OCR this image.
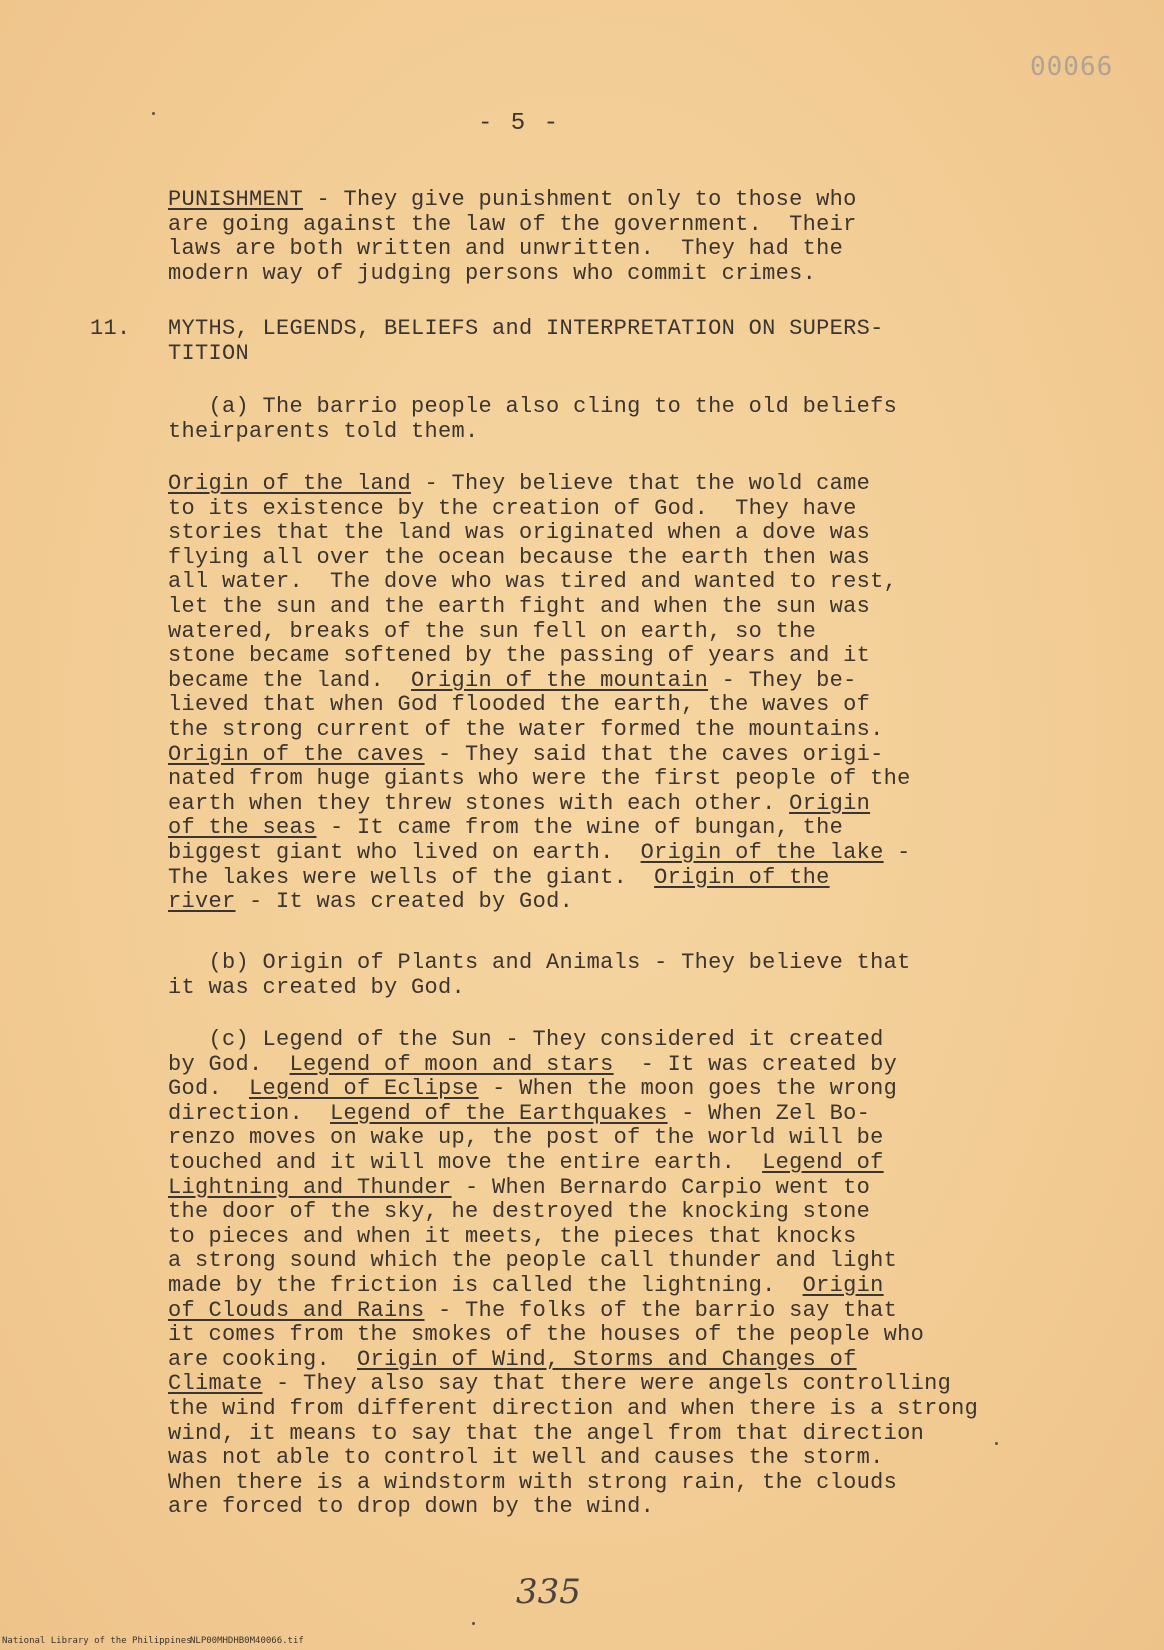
00066
- 5 -
PUNISHMENT - They give punishment only to those who
are going against the law of the government.  Their
laws are both written and unwritten.  They had the
modern way of judging persons who commit crimes.
11. MYTHS, LEGENDS, BELIEFS and INTERPRETATION ON SUPERS-
TITION
(a) The barrio people also cling to the old beliefs
theirparents told them.
Origin of the land - They believe that the wold came
to its existence by the creation of God.  They have
stories that the land was originated when a dove was
flying all over the ocean because the earth then was
all water.  The dove who was tired and wanted to rest,
let the sun and the earth fight and when the sun was
watered, breaks of the sun fell on earth, so the
stone became softened by the passing of years and it
became the land.  Origin of the mountain - They be-
lieved that when God flooded the earth, the waves of
the strong current of the water formed the mountains.
Origin of the caves - They said that the caves origi-
nated from huge giants who were the first people of the
earth when they threw stones with each other. Origin
of the seas - It came from the wine of bungan, the
biggest giant who lived on earth.  Origin of the lake -
The lakes were wells of the giant.  Origin of the
river - It was created by God.
(b) Origin of Plants and Animals - They believe that
it was created by God.
(c) Legend of the Sun - They considered it created
by God.  Legend of moon and stars  - It was created by
God.  Legend of Eclipse - When the moon goes the wrong
direction.  Legend of the Earthquakes - When Zel Bo-
renzo moves on wake up, the post of the world will be
touched and it will move the entire earth.  Legend of
Lightning and Thunder - When Bernardo Carpio went to
the door of the sky, he destroyed the knocking stone
to pieces and when it meets, the pieces that knocks
a strong sound which the people call thunder and light
made by the friction is called the lightning.  Origin
of Clouds and Rains - The folks of the barrio say that
it comes from the smokes of the houses of the people who
are cooking.  Origin of Wind, Storms and Changes of
Climate - They also say that there were angels controlling
the wind from different direction and when there is a strong
wind, it means to say that the angel from that direction
was not able to control it well and causes the storm.
When there is a windstorm with strong rain, the clouds
are forced to drop down by the wind.
335
National Library of the Philippines
NLP00MHDHB0M40066.tif
